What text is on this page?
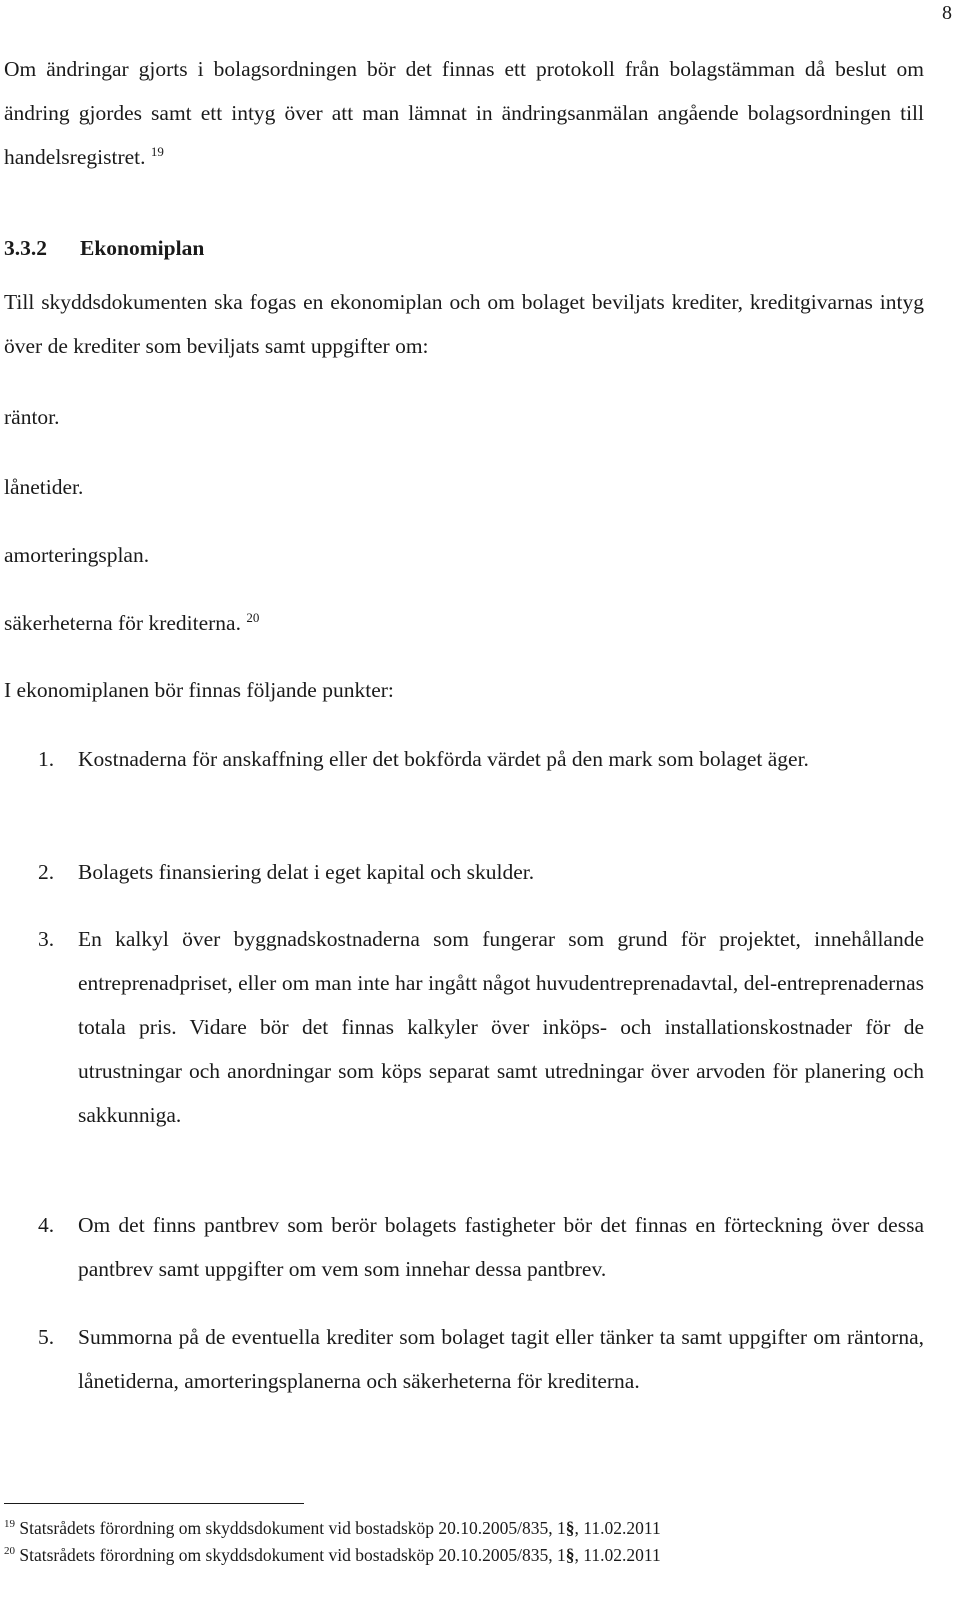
8

Om ändringar gjorts i bolagsordningen bör det finnas ett protokoll från bolagstämman då beslut om ändring gjordes samt ett intyg över att man lämnat in ändringsanmälan angående bolagsordningen till handelsregistret. $^{19}$

3.3.2 Ekonomiplan

Till skyddsdokumenten ska fogas en ekonomiplan och om bolaget beviljats krediter, kreditgivarnas intyg över de krediter som beviljats samt uppgifter om:

räntor.
lånetider.
amorteringsplan.
säkerheterna för krediterna. $^{20}$
I ekonomiplanen bör finnas följande punkter:
1. Kostnaderna för anskaffning eller det bokförda värdet på den mark som bolaget äger.
2. Bolagets finansiering delat i eget kapital och skulder.
3. En kalkyl över byggnadskostnaderna som fungerar som grund för projektet, innehållande entreprenadpriset, eller om man inte har ingått något huvudentreprenadavtal, del-entreprenadernas totala pris. Vidare bör det finnas kalkyler över inköps- och installationskostnader för de utrustningar och anordningar som köps separat samt utredningar över arvoden för planering och sakkunniga.
4. Om det finns pantbrev som berör bolagets fastigheter bör det finnas en förteckning över dessa pantbrev samt uppgifter om vem som innehar dessa pantbrev.
5. Summorna på de eventuella krediter som bolaget tagit eller tänker ta samt uppgifter om räntorna, lånetiderna, amorteringsplanerna och säkerheterna för krediterna.
$^{19}$ Statsrådets förordning om skyddsdokument vid bostadsköp 20.10.2005/835, 1§, 11.02.2011
$^{20}$ Statsrådets förordning om skyddsdokument vid bostadsköp 20.10.2005/835, 1§, 11.02.2011
